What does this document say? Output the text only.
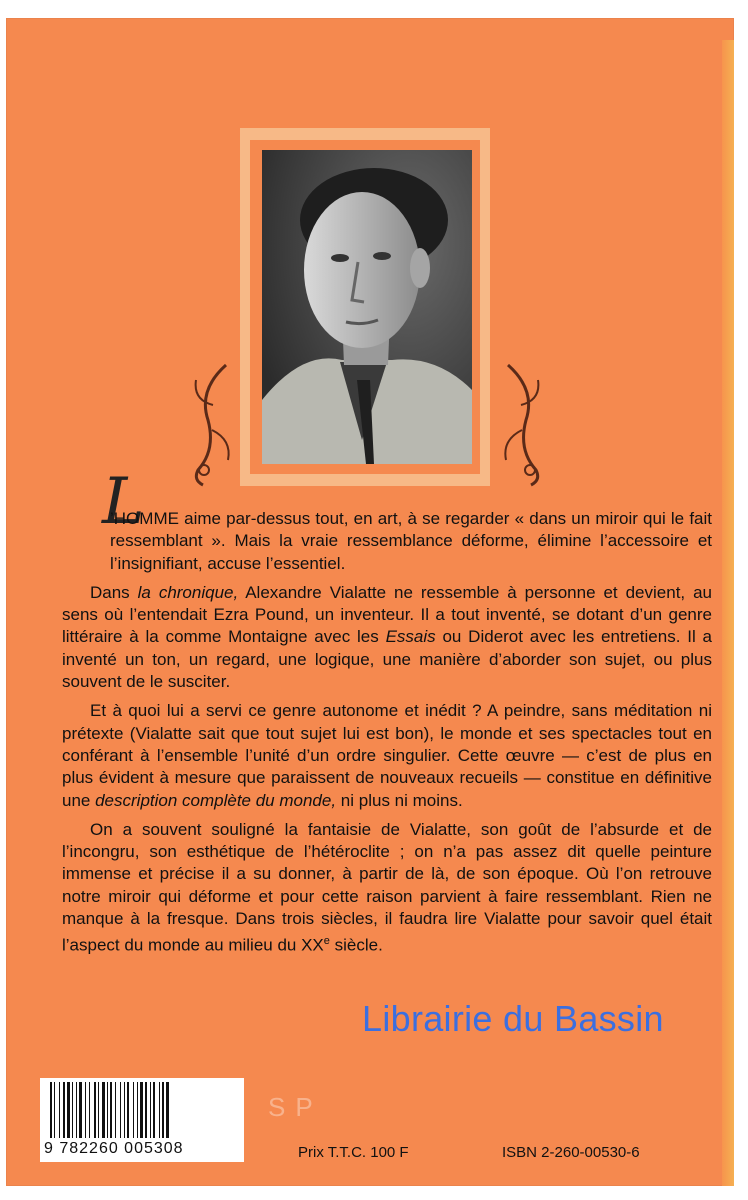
L

’HOMME aime par-dessus tout, en art, à se regarder « dans un miroir qui le fait ressemblant ». Mais la vraie ressemblance déforme, élimine l’accessoire et l’insignifiant, accuse l’essentiel.

Dans la chronique, Alexandre Vialatte ne ressemble à personne et devient, au sens où l’entendait Ezra Pound, un inventeur. Il a tout inventé, se dotant d’un genre littéraire à la comme Montaigne avec les Essais ou Diderot avec les entretiens. Il a inventé un ton, un regard, une logique, une manière d’aborder son sujet, ou plus souvent de le susciter.

Et à quoi lui a servi ce genre autonome et inédit ? A peindre, sans méditation ni prétexte (Vialatte sait que tout sujet lui est bon), le monde et ses spectacles tout en conférant à l’ensemble l’unité d’un ordre singulier. Cette œuvre — c’est de plus en plus évident à mesure que paraissent de nouveaux recueils — constitue en définitive une description complète du monde, ni plus ni moins.

On a souvent souligné la fantaisie de Vialatte, son goût de l’absurde et de l’incongru, son esthétique de l’hétéroclite ; on n’a pas assez dit quelle peinture immense et précise il a su donner, à partir de là, de son époque. Où l’on retrouve notre miroir qui déforme et pour cette raison parvient à faire ressemblant. Rien ne manque à la fresque. Dans trois siècles, il faudra lire Vialatte pour savoir quel était l’aspect du monde au milieu du XXe siècle.

Librairie du Bassin
9 782260 005308
SP
Prix T.T.C. 100 F	ISBN 2-260-00530-6
